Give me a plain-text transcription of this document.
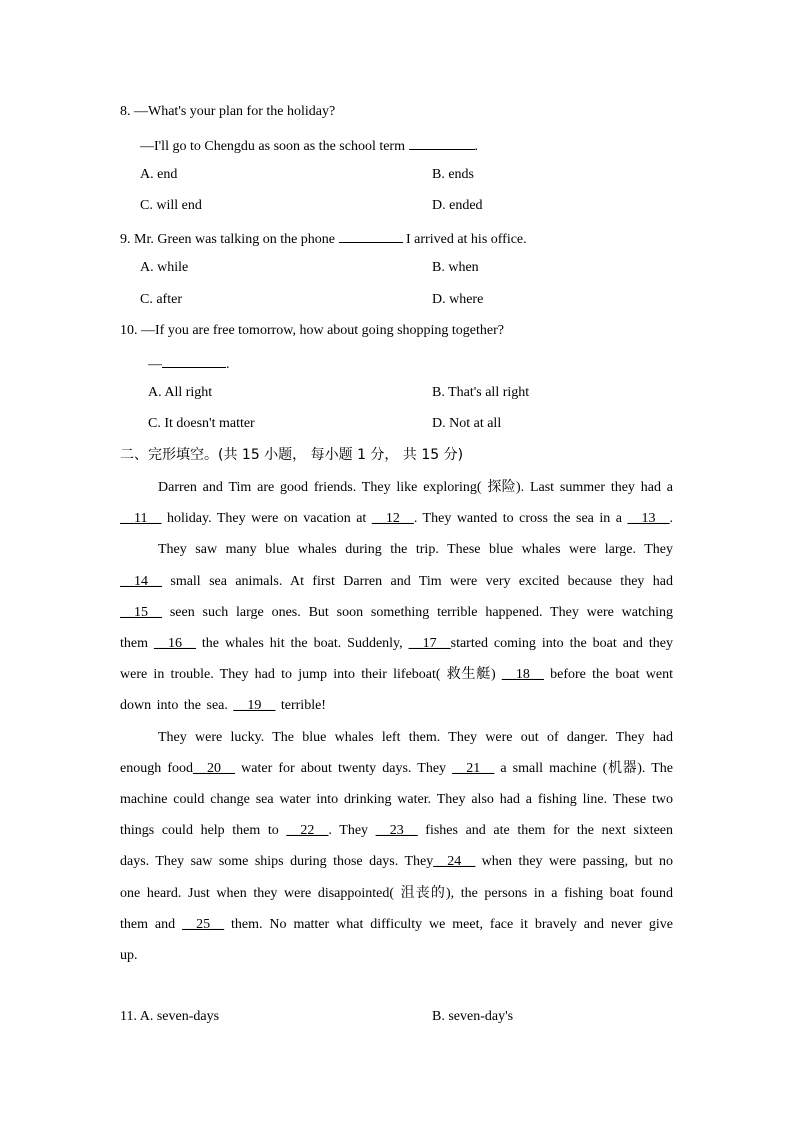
8. —What's your plan for the holiday?
—I'll go to Chengdu as soon as the school term	.
A. end	B. ends
C. will end	D. ended
9. Mr. Green was talking on the phone	I arrived at his office.
A. while	B. when
C. after	D. where
10. —If you are free tomorrow, how about going shopping together?
—	.
A. All right	B. That's all right
C. It doesn't matter	D. Not at all
二、完形填空。(共 15 小题， 每小题 1 分， 共 15 分)

Darren and Tim are good friends. They like exploring( 探险). Last summer they had a __11__ holiday. They were on vacation at __12__. They wanted to cross the sea in a __13__.

They saw many blue whales during the trip. These blue whales were large. They __14__ small sea animals. At first Darren and Tim were very excited because they had __15__ seen such large ones. But soon something terrible happened. They were watching them __16__ the whales hit the boat. Suddenly, __17__started coming into the boat and they were in trouble. They had to jump into their lifeboat( 救生艇) __18__ before the boat went down into the sea. __19__ terrible!

They were lucky. The blue whales left them. They were out of danger. They had enough food__20__ water for about twenty days. They __21__ a small machine (机器). The machine could change sea water into drinking water. They also had a fishing line. These two things could help them to __22__. They __23__ fishes and ate them for the next sixteen days. They saw some ships during those days. They__24__ when they were passing, but no one heard. Just when they were disappointed( 沮丧的), the persons in a fishing boat found them and __25__ them. No matter what difficulty we meet, face it bravely and never give up.

11. A. seven-days	B. seven-day's
